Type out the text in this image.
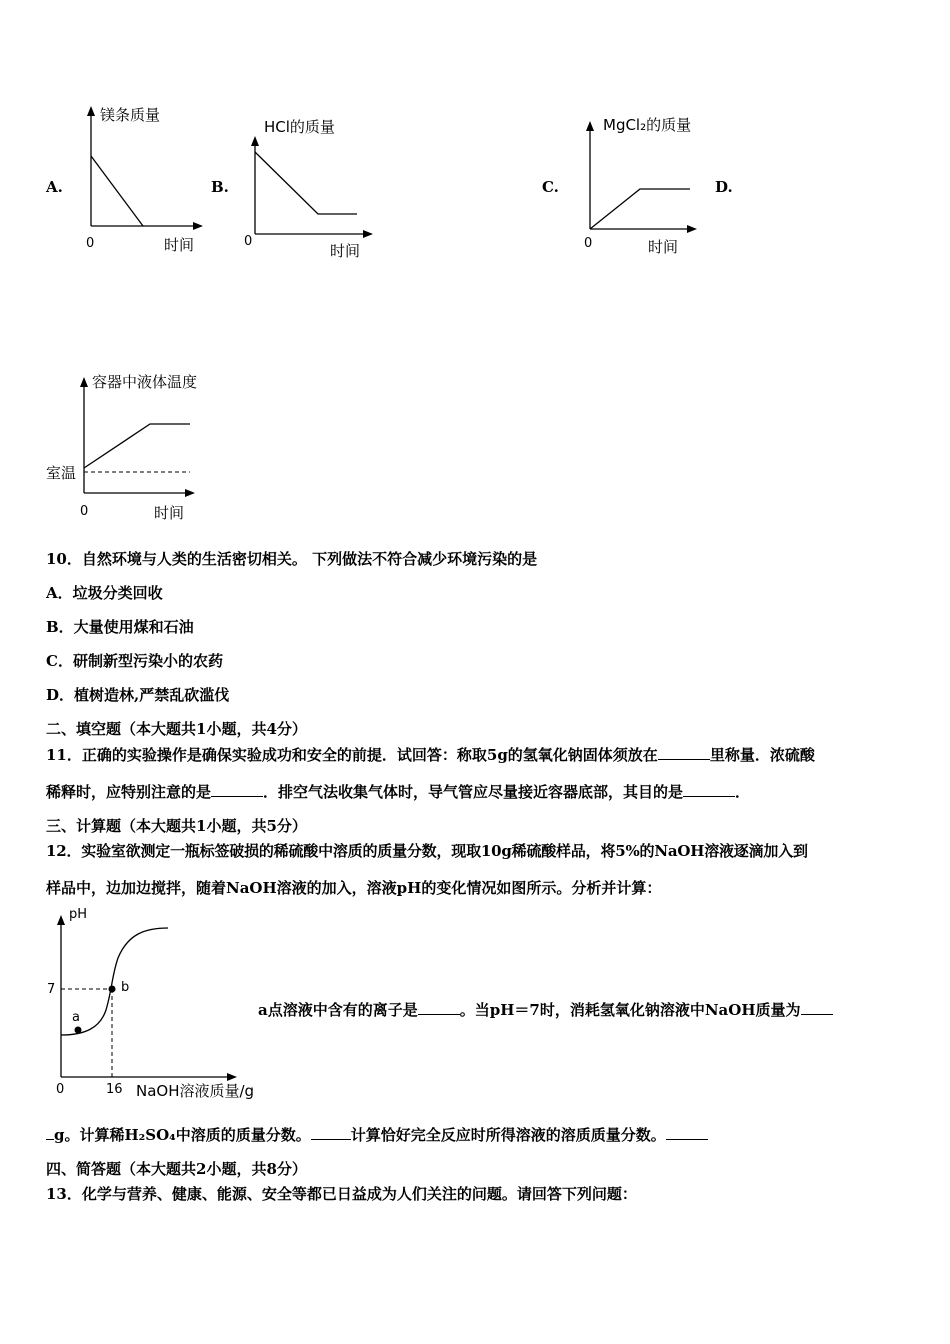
A.
镁条质量
0	时间
B.
HCl的质量
0
时间
C.
MgCl₂的质量
0	时间
D.
容器中液体温度
室温
0	时间
10．自然环境与人类的生活密切相关。 下列做法不符合减少环境污染的是
A．垃圾分类回收
B．大量使用煤和石油
C．研制新型污染小的农药
D．植树造林,严禁乱砍滥伐
二、填空题（本大题共1小题，共4分）
11．正确的实验操作是确保实验成功和安全的前提．试回答：称取5g的氢氧化钠固体须放在	里称量．浓硫酸
稀释时，应特别注意的是	．排空气法收集气体时，导气管应尽量接近容器底部，其目的是	．
三、计算题（本大题共1小题，共5分）
12．实验室欲测定一瓶标签破损的稀硫酸中溶质的质量分数，现取10g稀硫酸样品，将5%的NaOH溶液逐滴加入到
样品中，边加边搅拌，随着NaOH溶液的加入，溶液pH的变化情况如图所示。分析并计算：
pH
7
a
b
0	16 NaOH溶液质量/g
a点溶液中含有的离子是	。当pH＝7时，消耗氢氧化钠溶液中NaOH质量为
g。计算稀H₂SO₄中溶质的质量分数。	计算恰好完全反应时所得溶液的溶质质量分数。
四、简答题（本大题共2小题，共8分）
13．化学与营养、健康、能源、安全等都已日益成为人们关注的问题。请回答下列问题：
